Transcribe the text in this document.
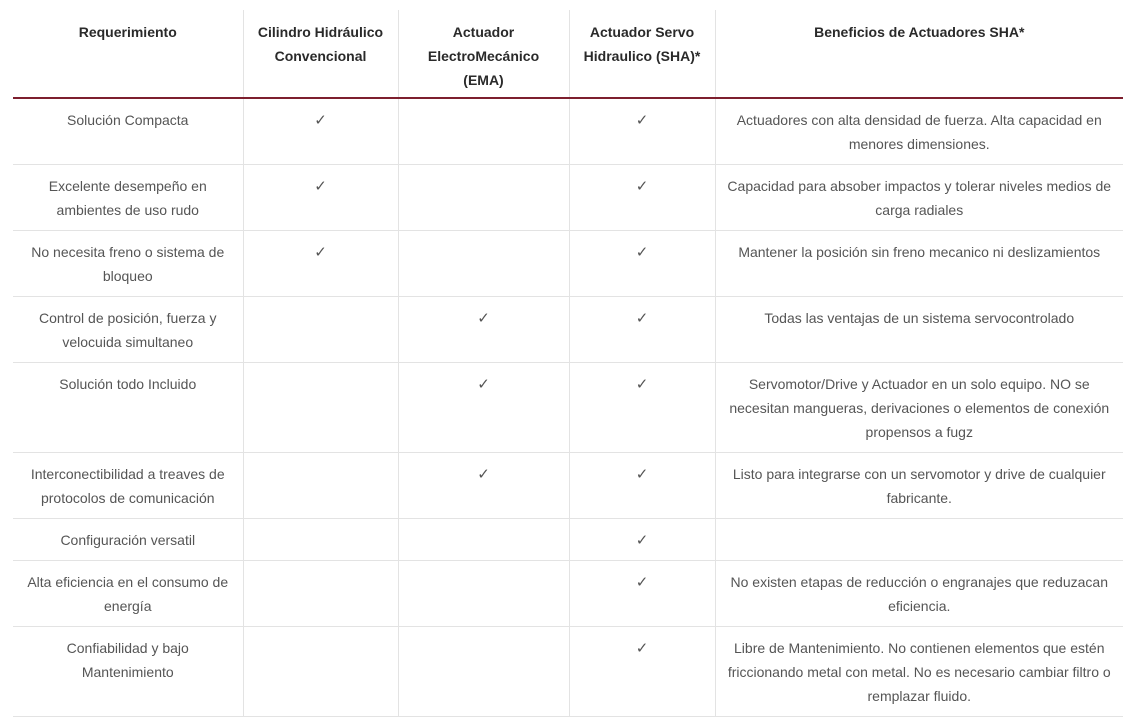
Requerimiento	Cilindro Hidráulico Convencional	Actuador ElectroMecánico (EMA)	Actuador Servo Hidraulico (SHA)*	Beneficios de Actuadores SHA*
Solución Compacta	✓		✓	Actuadores con alta densidad de fuerza. Alta capacidad en menores dimensiones.
Excelente desempeño en ambientes de uso rudo	✓		✓	Capacidad para absober impactos y tolerar niveles medios de carga radiales
No necesita freno o sistema de bloqueo	✓		✓	Mantener la posición sin freno mecanico ni deslizamientos
Control de posición, fuerza y velocuida simultaneo		✓	✓	Todas las ventajas de un sistema servocontrolado
Solución todo Incluido		✓	✓	Servomotor/Drive y Actuador en un solo equipo. NO se necesitan mangueras, derivaciones o elementos de conexión propensos a fugz
Interconectibilidad a treaves de protocolos de comunicación		✓	✓	Listo para integrarse con un servomotor y drive de cualquier fabricante.
Configuración versatil			✓	
Alta eficiencia en el consumo de energía			✓	No existen etapas de reducción o engranajes que reduzacan eficiencia.
Confiabilidad y bajo Mantenimiento			✓	Libre de Mantenimiento. No contienen elementos que estén friccionando metal con metal. No es necesario cambiar filtro o remplazar fluido.
